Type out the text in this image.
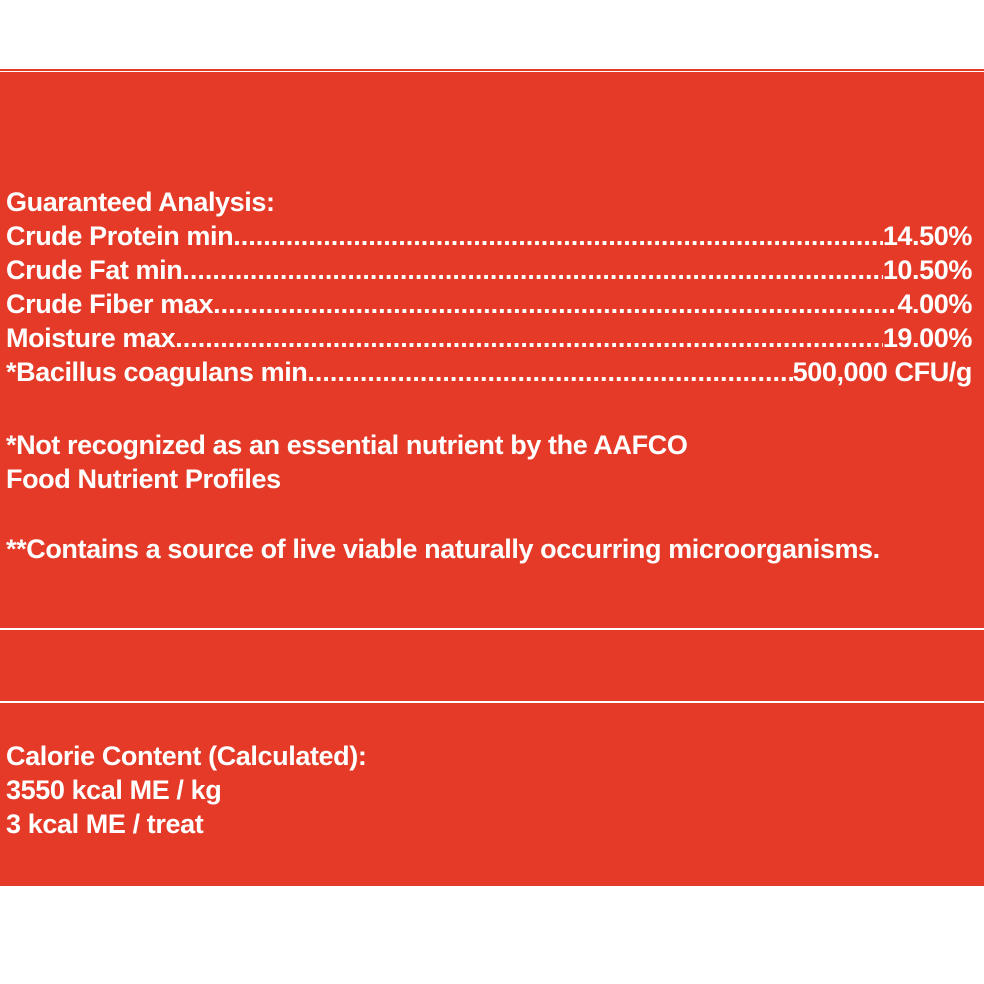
Guaranteed Analysis:
Crude Protein min .....	14.50%
Crude Fat min .....	10.50%
Crude Fiber max .....	4.00%
Moisture max .....	19.00%
*Bacillus coagulans min .....	500,000 CFU/g
*Not recognized as an essential nutrient by the AAFCO
Food Nutrient Profiles
**Contains a source of live viable naturally occurring microorganisms.
Calorie Content (Calculated):
3550 kcal ME / kg
3 kcal ME / treat
